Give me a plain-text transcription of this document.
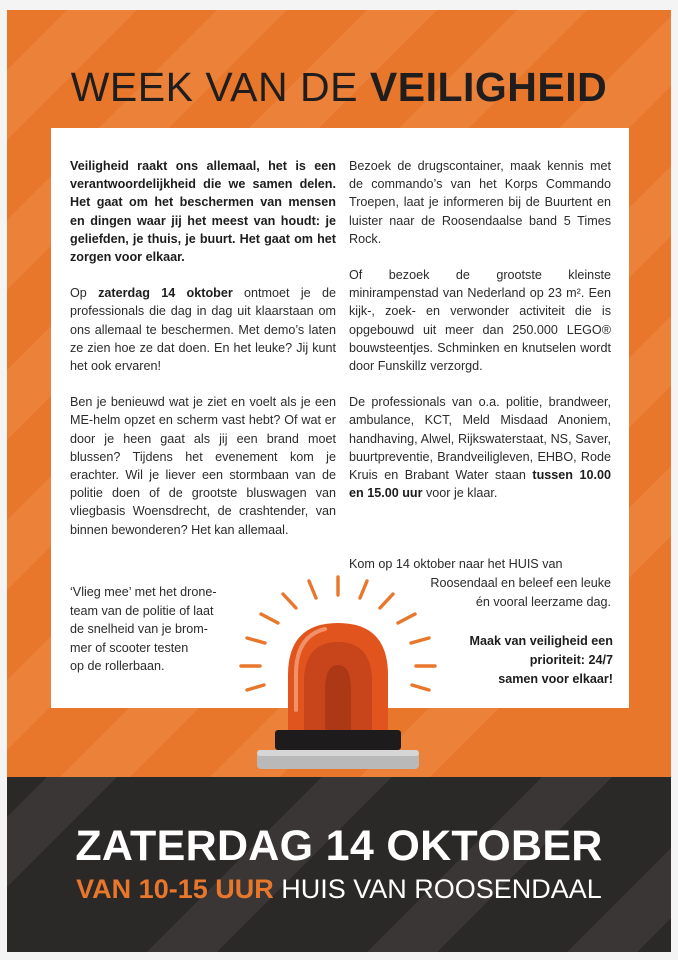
WEEK VAN DE VEILIGHEID

Veiligheid raakt ons allemaal, het is een verantwoordelijkheid die we samen delen. Het gaat om het beschermen van mensen en dingen waar jij het meest van houdt: je geliefden, je thuis, je buurt. Het gaat om het zorgen voor elkaar.

Op zaterdag 14 oktober ontmoet je de professionals die dag in dag uit klaarstaan om ons allemaal te beschermen. Met demo’s laten ze zien hoe ze dat doen. En het leuke? Jij kunt het ook ervaren!

Ben je benieuwd wat je ziet en voelt als je een ME-helm opzet en scherm vast hebt? Of wat er door je heen gaat als jij een brand moet blussen? Tijdens het evenement kom je erachter. Wil je liever een stormbaan van de politie doen of de grootste bluswagen van vliegbasis Woensdrecht, de crashtender, van binnen bewonderen? Het kan allemaal.

‘Vlieg mee’ met het drone-
team van de politie of laat
de snelheid van je brom-
mer of scooter testen
op de rollerbaan.

Bezoek de drugscontainer, maak kennis met de commando’s van het Korps Commando Troepen, laat je informeren bij de Buurtent en luister naar de Roosendaalse band 5 Times Rock.

Of bezoek de grootste kleinste minirampenstad van Nederland op 23 m². Een kijk-, zoek- en verwonder activiteit die is opgebouwd uit meer dan 250.000 LEGO® bouwsteentjes. Schminken en knutselen wordt door Funskillz verzorgd.

De professionals van o.a. politie, brandweer, ambulance, KCT, Meld Misdaad Anoniem, handhaving, Alwel, Rijkswaterstaat, NS, Saver, buurtpreventie, Brandveiligleven, EHBO, Rode Kruis en Brabant Water staan tussen 10.00 en 15.00 uur voor je klaar.

Kom op 14 oktober naar het HUIS van
Roosendaal en beleef een leuke
én vooral leerzame dag.
Maak van veiligheid een
prioriteit: 24/7
samen voor elkaar!
ZATERDAG 14 OKTOBER
VAN 10-15 UUR HUIS VAN ROOSENDAAL
